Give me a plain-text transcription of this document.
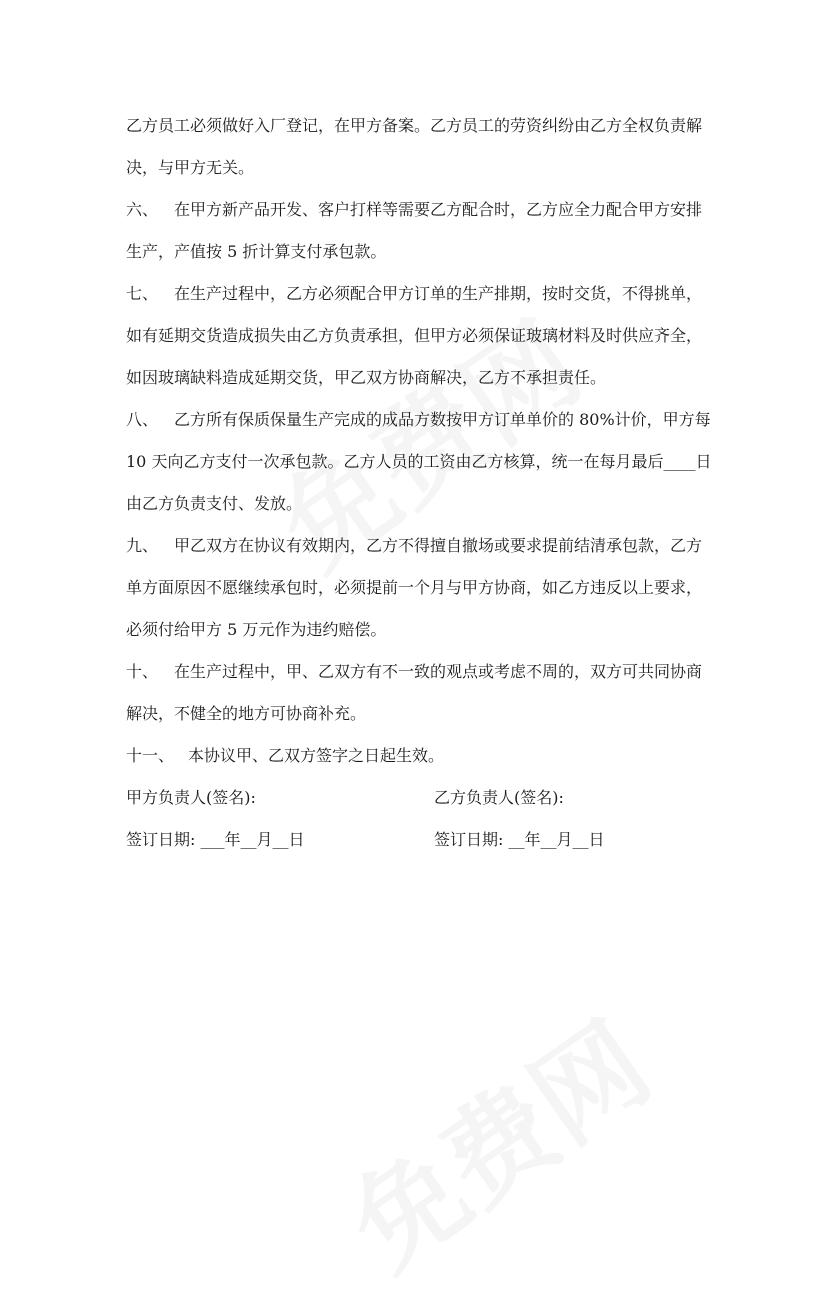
乙方员工必须做好入厂登记，在甲方备案。乙方员工的劳资纠纷由乙方全权负责解决，与甲方无关。

六、 在甲方新产品开发、客户打样等需要乙方配合时，乙方应全力配合甲方安排生产，产值按 5 折计算支付承包款。

七、 在生产过程中，乙方必须配合甲方订单的生产排期，按时交货，不得挑单，如有延期交货造成损失由乙方负责承担，但甲方必须保证玻璃材料及时供应齐全，如因玻璃缺料造成延期交货，甲乙双方协商解决，乙方不承担责任。

八、 乙方所有保质保量生产完成的成品方数按甲方订单单价的 80%计价，甲方每 10 天向乙方支付一次承包款。乙方人员的工资由乙方核算，统一在每月最后____日由乙方负责支付、发放。

九、 甲乙双方在协议有效期内，乙方不得擅自撤场或要求提前结清承包款，乙方单方面原因不愿继续承包时，必须提前一个月与甲方协商，如乙方违反以上要求，必须付给甲方 5 万元作为违约赔偿。

十、 在生产过程中，甲、乙双方有不一致的观点或考虑不周的，双方可共同协商解决，不健全的地方可协商补充。

十一、 本协议甲、乙双方签字之日起生效。

甲方负责人(签名):	乙方负责人(签名):
签订日期: ___年__月__日	签订日期: __年__月__日
